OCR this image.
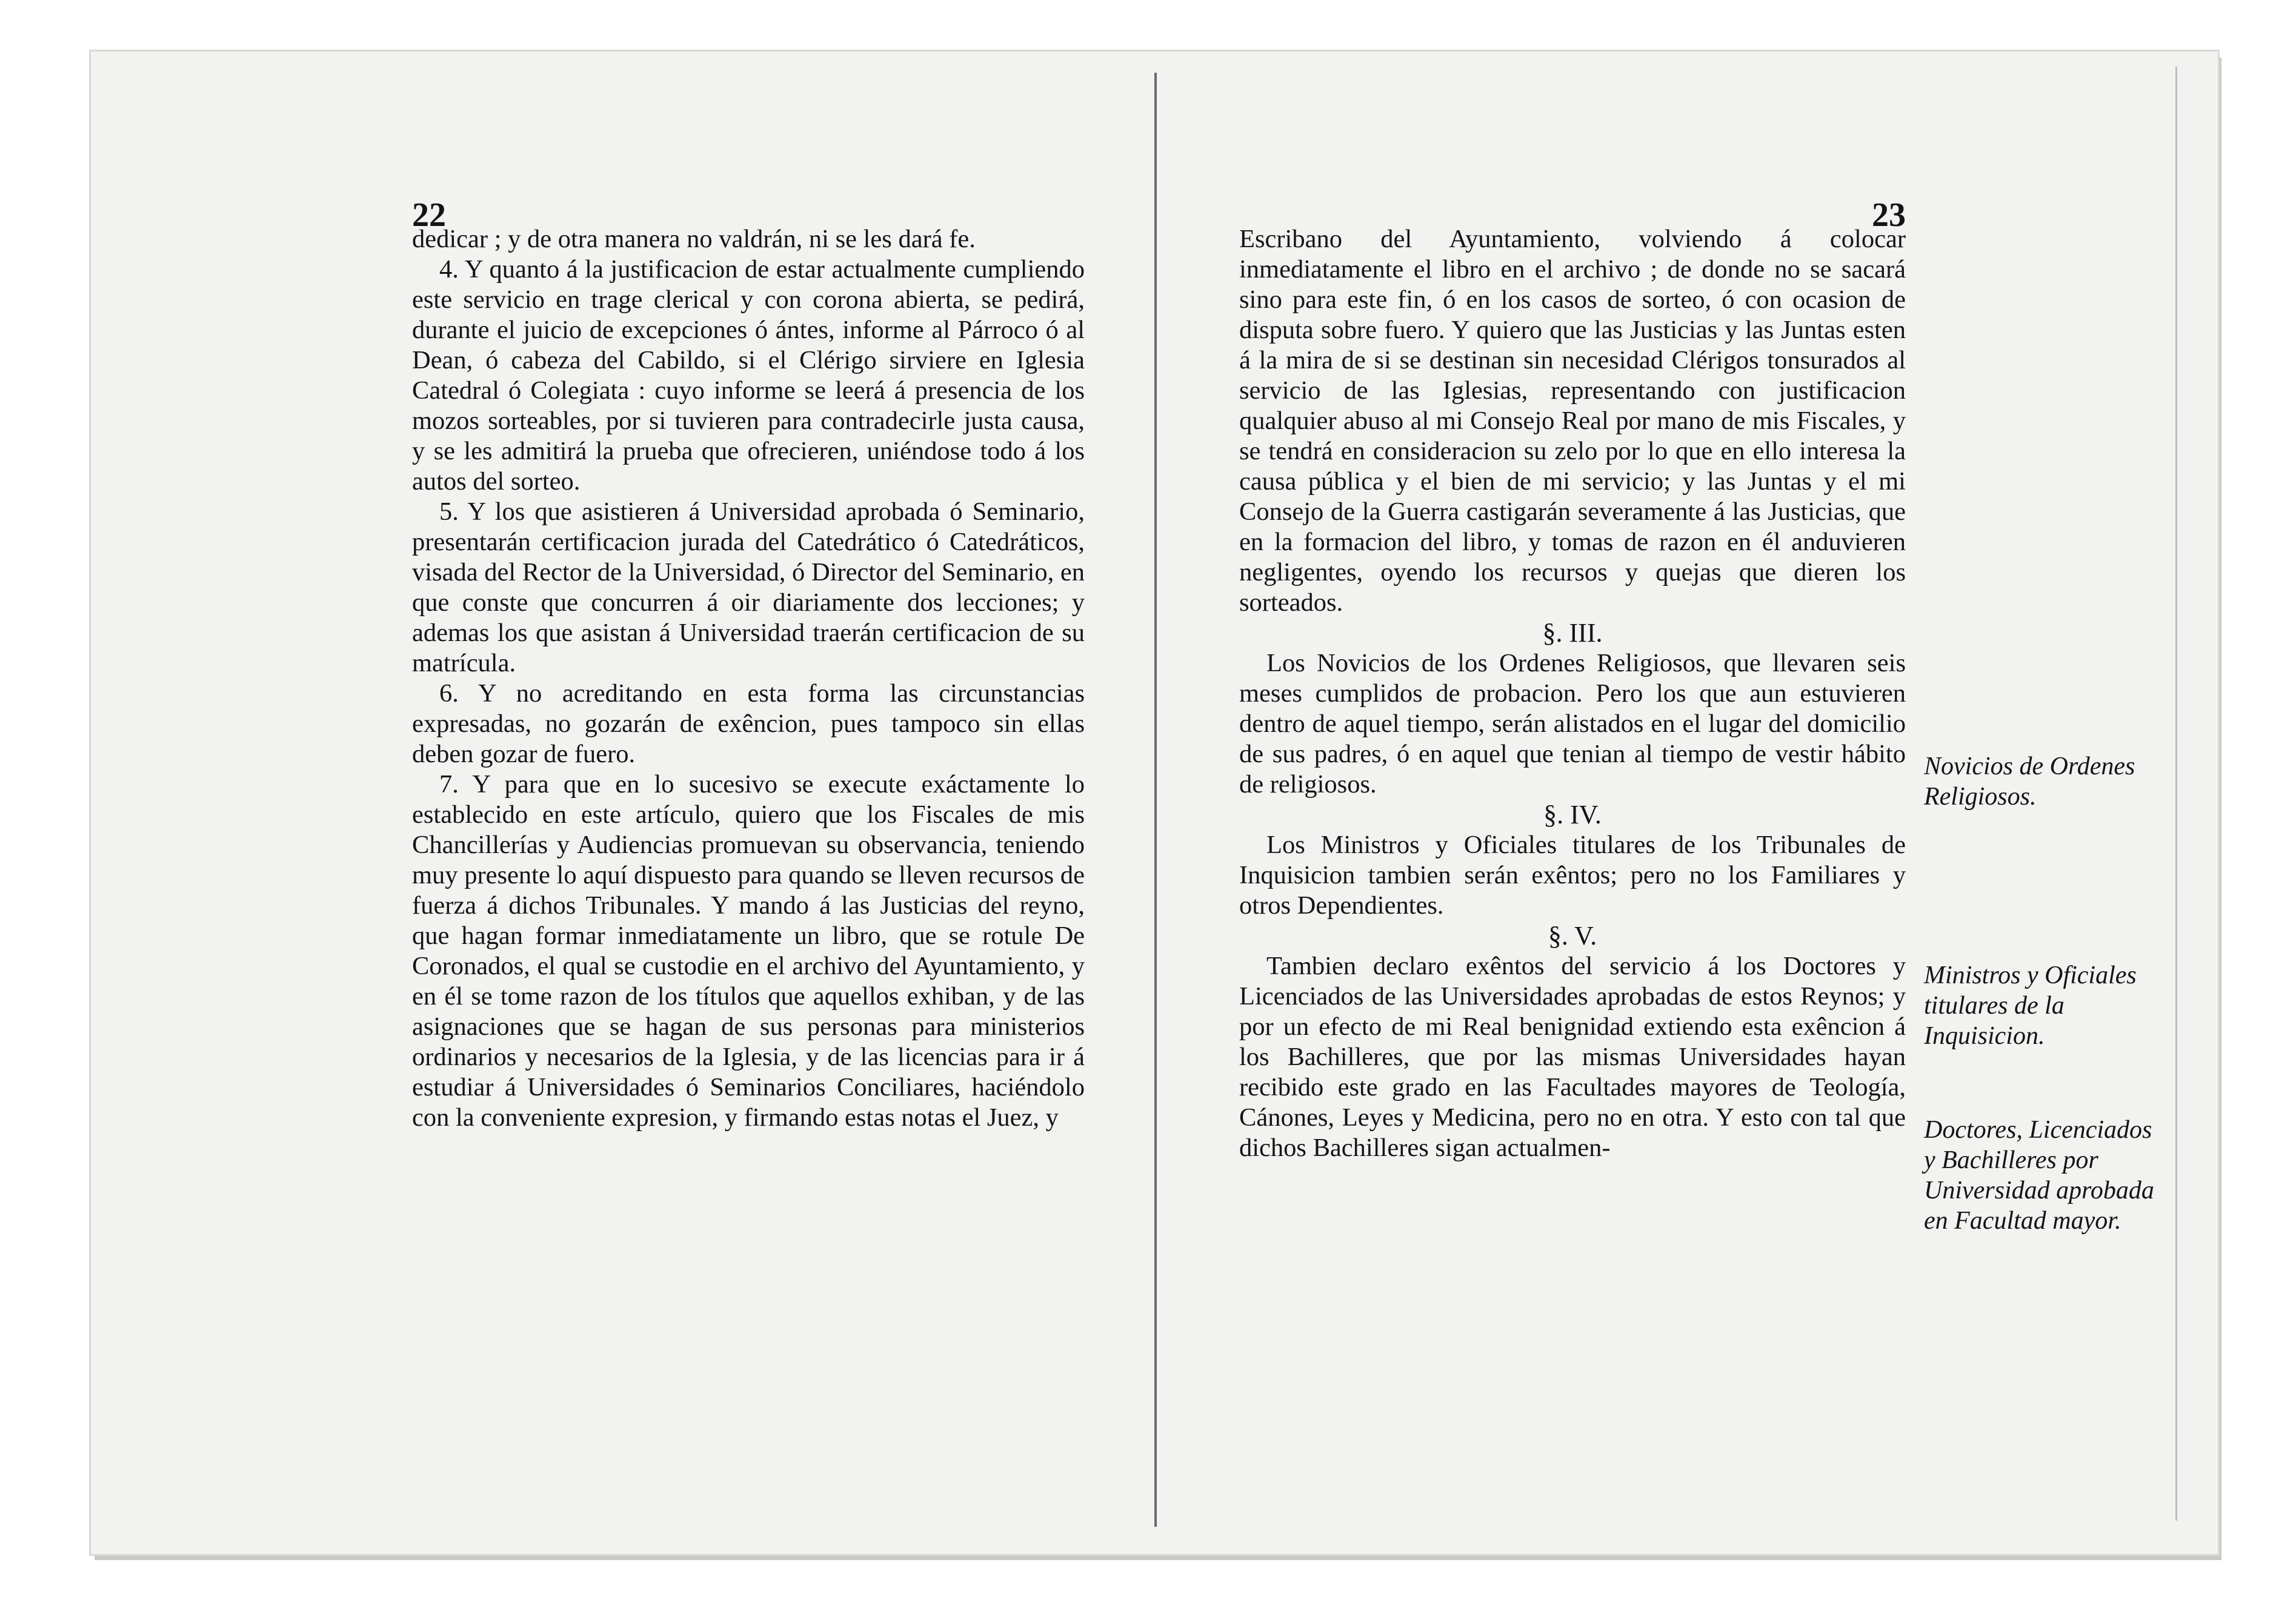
22

dedicar ; y de otra manera no valdrán, ni se les dará fe.

4. Y quanto á la justificacion de estar actualmente cumpliendo este servicio en trage clerical y con corona abierta, se pedirá, durante el juicio de excepciones ó ántes, informe al Párroco ó al Dean, ó cabeza del Cabildo, si el Clérigo sirviere en Iglesia Catedral ó Colegiata : cuyo informe se leerá á presencia de los mozos sorteables, por si tuvieren para contradecirle justa causa, y se les admitirá la prueba que ofrecieren, uniéndose todo á los autos del sorteo.

5. Y los que asistieren á Universidad aprobada ó Seminario, presentarán certificacion jurada del Catedrático ó Catedráticos, visada del Rector de la Universidad, ó Director del Seminario, en que conste que concurren á oir diariamente dos lecciones; y ademas los que asistan á Universidad traerán certificacion de su matrícula.

6. Y no acreditando en esta forma las circunstancias expresadas, no gozarán de exêncion, pues tampoco sin ellas deben gozar de fuero.

7. Y para que en lo sucesivo se execute exáctamente lo establecido en este artículo, quiero que los Fiscales de mis Chancillerías y Audiencias promuevan su observancia, teniendo muy presente lo aquí dispuesto para quando se lleven recursos de fuerza á dichos Tribunales. Y mando á las Justicias del reyno, que hagan formar inmediatamente un libro, que se rotule De Coronados, el qual se custodie en el archivo del Ayuntamiento, y en él se tome razon de los títulos que aquellos exhiban, y de las asignaciones que se hagan de sus personas para ministerios ordinarios y necesarios de la Iglesia, y de las licencias para ir á estudiar á Universidades ó Seminarios Conciliares, haciéndolo con la conveniente expresion, y firmando estas notas el Juez, y

23

Escribano del Ayuntamiento, volviendo á colocar inmediatamente el libro en el archivo ; de donde no se sacará sino para este fin, ó en los casos de sorteo, ó con ocasion de disputa sobre fuero. Y quiero que las Justicias y las Juntas esten á la mira de si se destinan sin necesidad Clérigos tonsurados al servicio de las Iglesias, representando con justificacion qualquier abuso al mi Consejo Real por mano de mis Fiscales, y se tendrá en consideracion su zelo por lo que en ello interesa la causa pública y el bien de mi servicio; y las Juntas y el mi Consejo de la Guerra castigarán severamente á las Justicias, que en la formacion del libro, y tomas de razon en él anduvieren negligentes, oyendo los recursos y quejas que dieren los sorteados.

§. III.

Los Novicios de los Ordenes Religiosos, que llevaren seis meses cumplidos de probacion. Pero los que aun estuvieren dentro de aquel tiempo, serán alistados en el lugar del domicilio de sus padres, ó en aquel que tenian al tiempo de vestir hábito de religiosos.

§. IV.

Los Ministros y Oficiales titulares de los Tribunales de Inquisicion tambien serán exêntos; pero no los Familiares y otros Dependientes.

§. V.

Tambien declaro exêntos del servicio á los Doctores y Licenciados de las Universidades aprobadas de estos Reynos; y por un efecto de mi Real benignidad extiendo esta exêncion á los Bachilleres, que por las mismas Universidades hayan recibido este grado en las Facultades mayores de Teología, Cánones, Leyes y Medicina, pero no en otra. Y esto con tal que dichos Bachilleres sigan actualmen-

Novicios de Ordenes Religiosos.
Ministros y Oficiales titulares de la Inquisicion.
Doctores, Licenciados y Bachilleres por Universidad aprobada en Facultad mayor.
